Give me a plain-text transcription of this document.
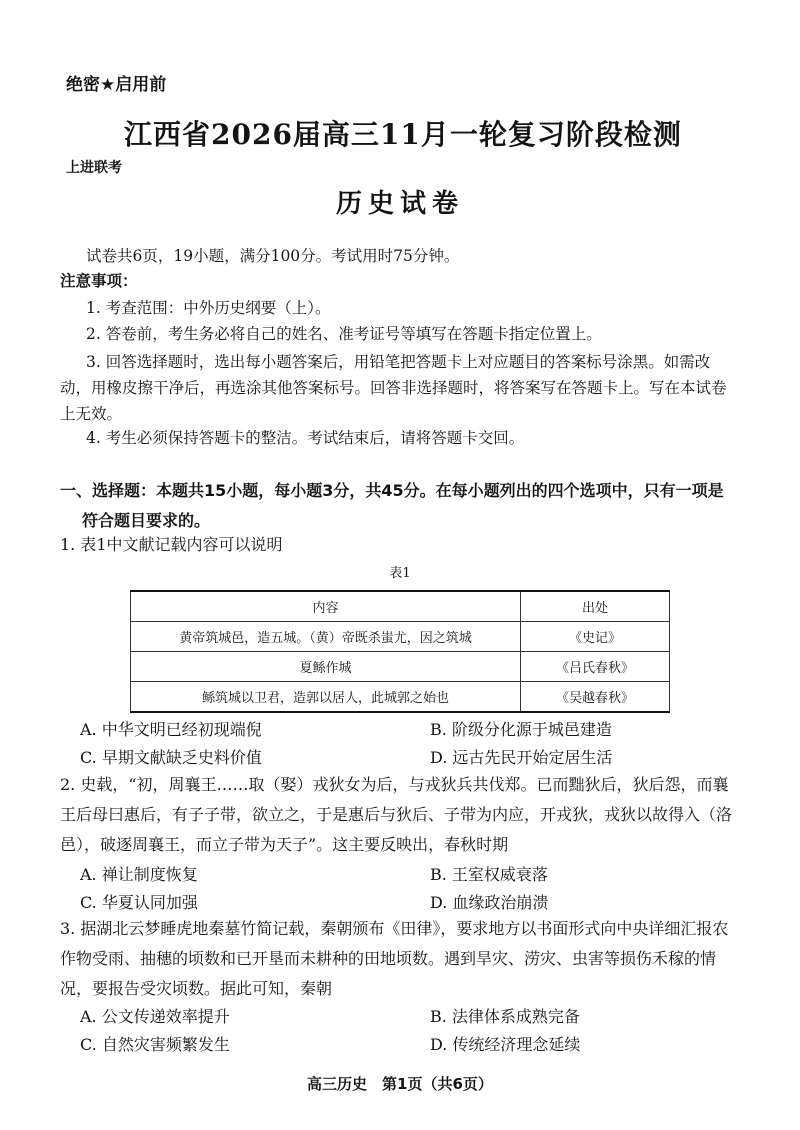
绝密★启用前
江西省2026届高三11月一轮复习阶段检测
上进联考
历史试卷
试卷共6页，19小题，满分100分。考试用时75分钟。
注意事项：
1. 考查范围：中外历史纲要（上）。
2. 答卷前，考生务必将自己的姓名、准考证号等填写在答题卡指定位置上。
3. 回答选择题时，选出每小题答案后，用铅笔把答题卡上对应题目的答案标号涂黑。如需改动，用橡皮擦干净后，再选涂其他答案标号。回答非选择题时，将答案写在答题卡上。写在本试卷上无效。
4. 考生必须保持答题卡的整洁。考试结束后，请将答题卡交回。
一、选择题：本题共15小题，每小题3分，共45分。在每小题列出的四个选项中，只有一项是
符合题目要求的。
1. 表1中文献记载内容可以说明
表1
内容	出处
黄帝筑城邑，造五城。（黄）帝既杀蚩尤，因之筑城	《史记》
夏鲧作城	《吕氏春秋》
鲧筑城以卫君，造郭以居人，此城郭之始也	《吴越春秋》
A. 中华文明已经初现端倪	B. 阶级分化源于城邑建造
C. 早期文献缺乏史料价值	D. 远古先民开始定居生活
2. 史载，“初，周襄王……取（娶）戎狄女为后，与戎狄兵共伐郑。已而黜狄后，狄后怨，而襄王后母曰惠后，有子子带，欲立之，于是惠后与狄后、子带为内应，开戎狄，戎狄以故得入（洛邑），破逐周襄王，而立子带为天子”。这主要反映出，春秋时期
A. 禅让制度恢复	B. 王室权威衰落
C. 华夏认同加强	D. 血缘政治崩溃
3. 据湖北云梦睡虎地秦墓竹简记载，秦朝颁布《田律》，要求地方以书面形式向中央详细汇报农作物受雨、抽穗的顷数和已开垦而未耕种的田地顷数。遇到旱灾、涝灾、虫害等损伤禾稼的情况，要报告受灾顷数。据此可知，秦朝
A. 公文传递效率提升	B. 法律体系成熟完备
C. 自然灾害频繁发生	D. 传统经济理念延续
高三历史　第1页（共6页）
